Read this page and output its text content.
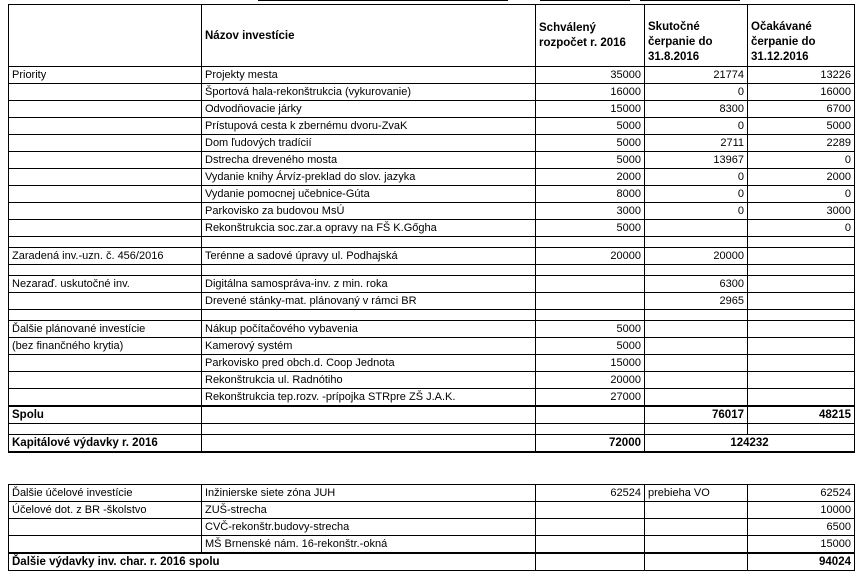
	Názov investície	Schválený rozpočet r. 2016	Skutočné čerpanie do 31.8.2016	Očakávané čerpanie do 31.12.2016
Priority	Projekty mesta	35000	21774	13226
	Športová hala-rekonštrukcia (vykurovanie)	16000	0	16000
	Odvodňovacie járky	15000	8300	6700
	Prístupová cesta k zbernému dvoru-ZvaK	5000	0	5000
	Dom ľudových tradícií	5000	2711	2289
	Dstrecha dreveného mosta	5000	13967	0
	Vydanie knihy Árvíz-preklad do slov. jazyka	2000	0	2000
	Vydanie pomocnej učebnice-Gúta	8000	0	0
	Parkovisko za budovou MsÚ	3000	0	3000
	Rekonštrukcia soc.zar.a opravy na FŠ K.Gőgha	5000		0

Zaradená inv.-uzn. č. 456/2016	Terénne a sadové úpravy ul. Podhajská	20000	20000	

Nezaraď. uskutočné inv.	Digitálna samospráva-inv. z min. roka		6300	
	Drevené stánky-mat. plánovaný v rámci BR		2965	

Ďalšie plánované investície	Nákup počítačového vybavenia	5000		
(bez finančného krytia)	Kamerový systém	5000		
	Parkovisko pred obch.d. Coop Jednota	15000		
	Rekonštrukcia ul. Radnótiho	20000		
	Rekonštrukcia tep.rozv. -prípojka STRpre ZŠ J.A.K.	27000		
Spolu			76017	48215

Kapitálové výdavky r. 2016		72000	124232	
Ďalšie účelové investície	Inžinierske siete zóna JUH	62524	prebieha VO	62524
Účelové dot. z BR -školstvo	ZUŠ-strecha			10000
	CVČ-rekonštr.budovy-strecha			6500
	MŠ Brnenské nám. 16-rekonštr.-okná			15000
Ďalšie výdavky inv. char. r. 2016 spolu				94024
